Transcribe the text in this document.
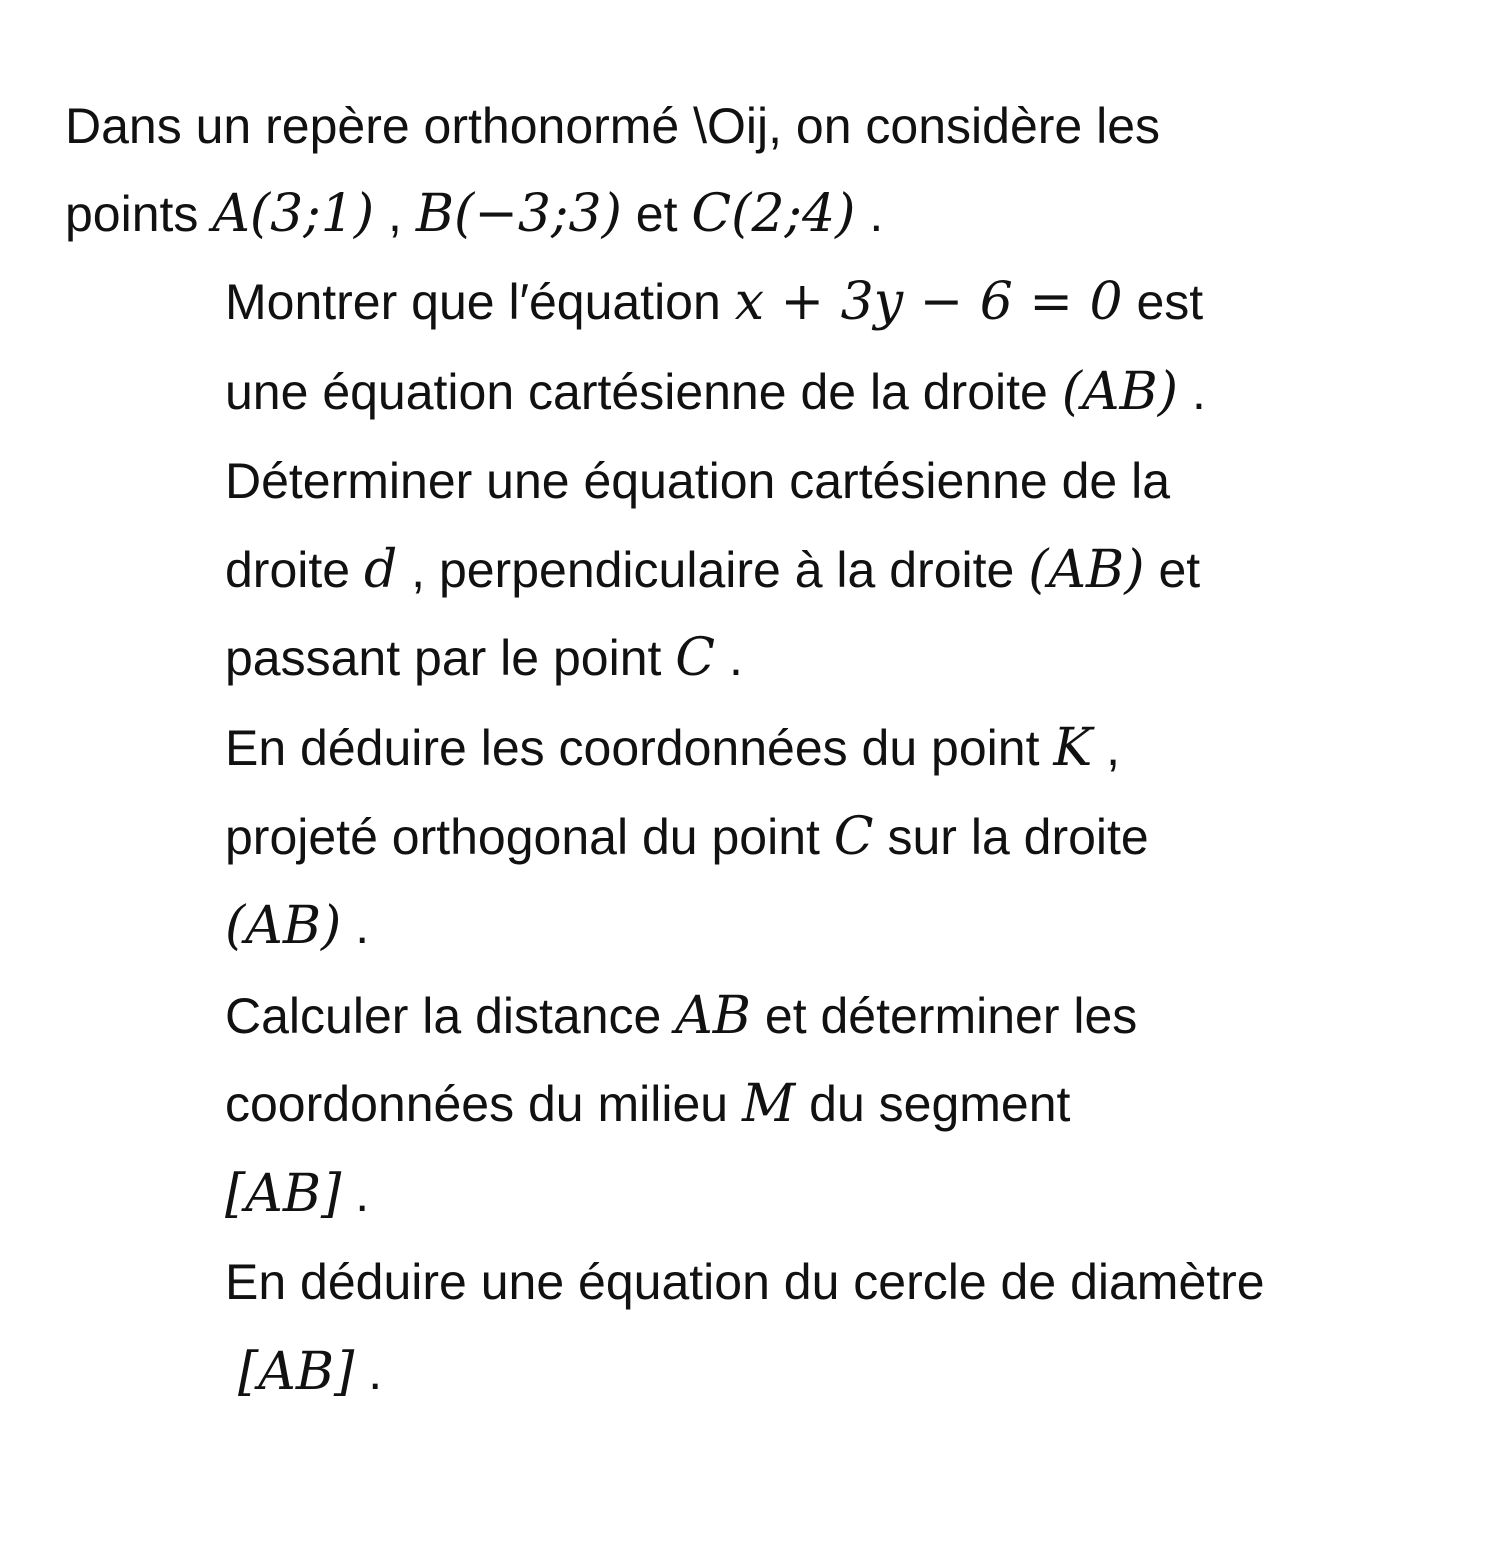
Dans un repère orthonormé \Oij, on considère les
points A(3;1) , B(−3;3) et C(2;4) .
Montrer que l′équation x + 3y − 6 = 0 est
une équation cartésienne de la droite (AB) .
Déterminer une équation cartésienne de la
droite d , perpendiculaire à la droite (AB) et
passant par le point C .
En déduire les coordonnées du point K ,
projeté orthogonal du point C sur la droite
(AB) .
Calculer la distance AB et déterminer les
coordonnées du milieu M du segment
[AB] .
En déduire une équation du cercle de diamètre
[AB] .
